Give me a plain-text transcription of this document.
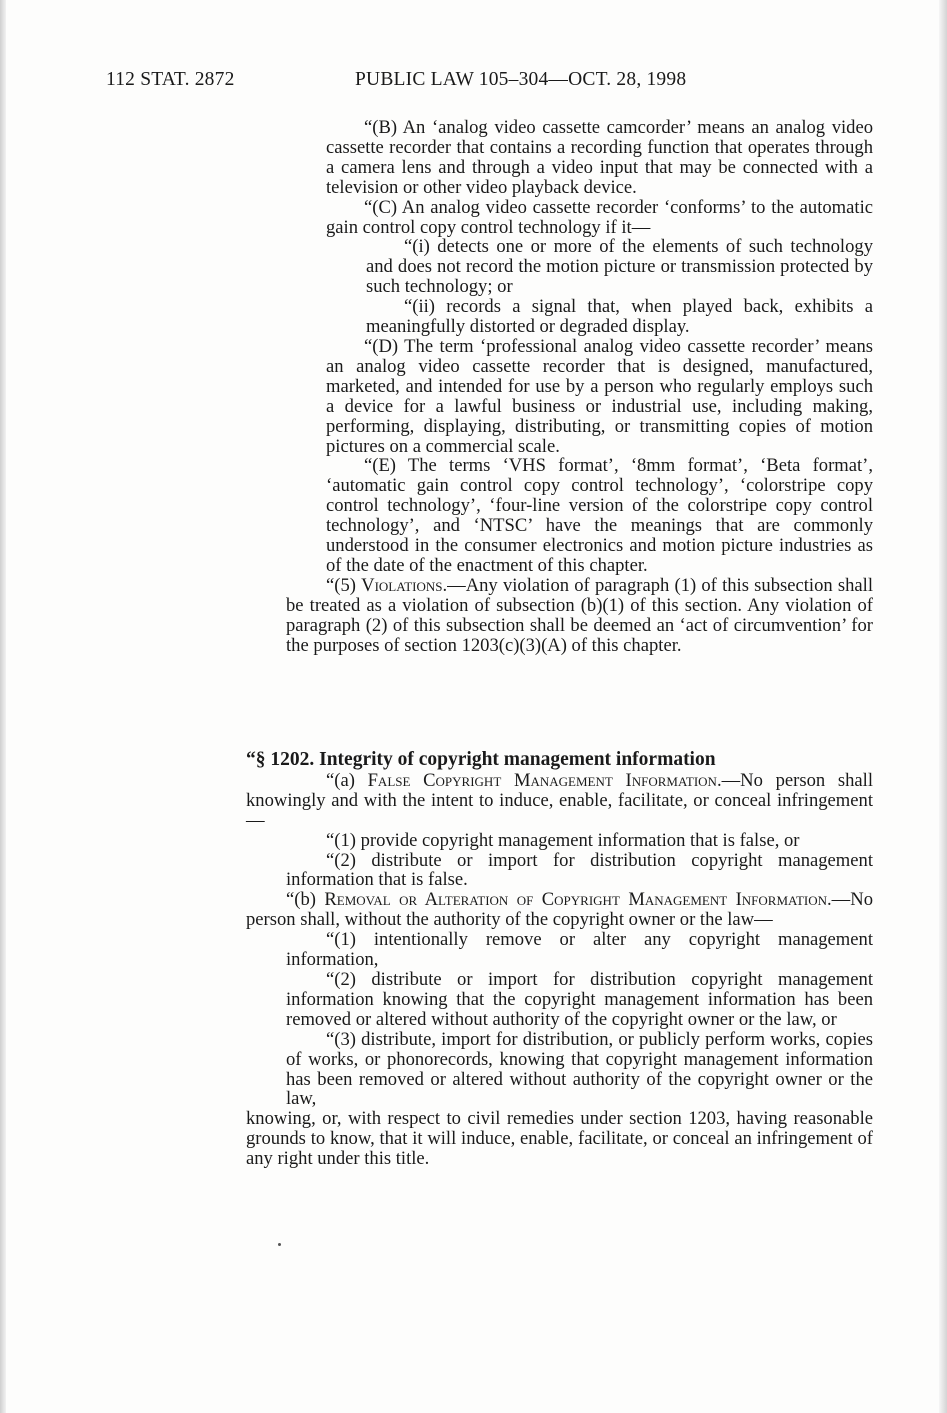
112 STAT. 2872	PUBLIC LAW 105–304—OCT. 28, 1998

“(B) An ‘analog video cassette camcorder’ means an analog video cassette recorder that contains a recording function that operates through a camera lens and through a video input that may be connected with a television or other video playback device.

“(C) An analog video cassette recorder ‘conforms’ to the automatic gain control copy control technology if it—

“(i) detects one or more of the elements of such technology and does not record the motion picture or transmission protected by such technology; or

“(ii) records a signal that, when played back, exhibits a meaningfully distorted or degraded display.

“(D) The term ‘professional analog video cassette recorder’ means an analog video cassette recorder that is designed, manufactured, marketed, and intended for use by a person who regularly employs such a device for a lawful business or industrial use, including making, performing, displaying, distributing, or transmitting copies of motion pictures on a commercial scale.

“(E) The terms ‘VHS format’, ‘8mm format’, ‘Beta format’, ‘automatic gain control copy control technology’, ‘colorstripe copy control technology’, ‘four-line version of the colorstripe copy control technology’, and ‘NTSC’ have the meanings that are commonly understood in the consumer electronics and motion picture industries as of the date of the enactment of this chapter.

“(5) Violations.—Any violation of paragraph (1) of this subsection shall be treated as a violation of subsection (b)(1) of this section. Any violation of paragraph (2) of this subsection shall be deemed an ‘act of circumvention’ for the purposes of section 1203(c)(3)(A) of this chapter.

“§ 1202. Integrity of copyright management information

“(a) False Copyright Management Information.—No person shall knowingly and with the intent to induce, enable, facilitate, or conceal infringement—

“(1) provide copyright management information that is false, or

“(2) distribute or import for distribution copyright management information that is false.

“(b) Removal or Alteration of Copyright Management Information.—No person shall, without the authority of the copyright owner or the law—

“(1) intentionally remove or alter any copyright management information,

“(2) distribute or import for distribution copyright management information knowing that the copyright management information has been removed or altered without authority of the copyright owner or the law, or

“(3) distribute, import for distribution, or publicly perform works, copies of works, or phonorecords, knowing that copyright management information has been removed or altered without authority of the copyright owner or the law,

knowing, or, with respect to civil remedies under section 1203, having reasonable grounds to know, that it will induce, enable, facilitate, or conceal an infringement of any right under this title.
